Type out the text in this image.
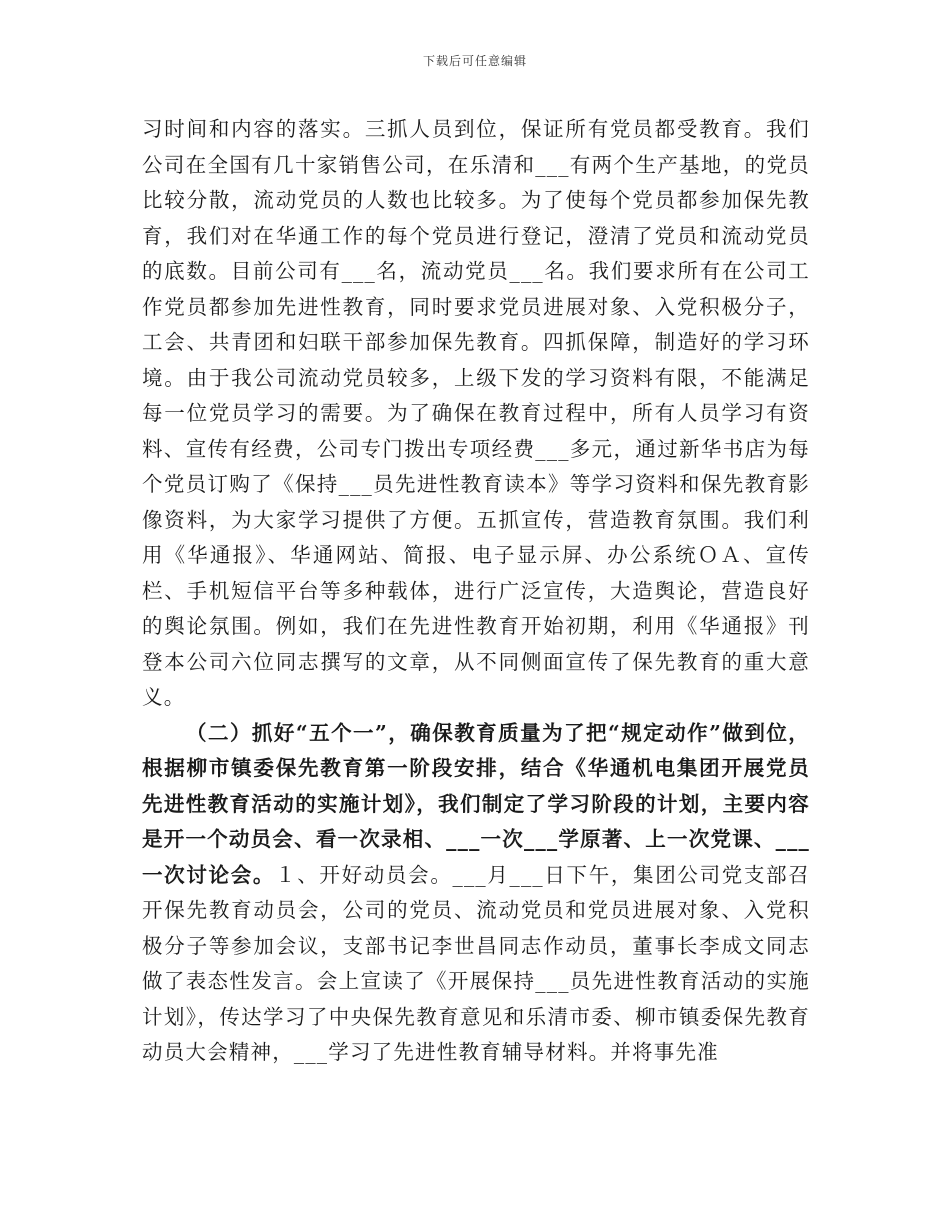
下载后可任意编辑

习时间和内容的落实。三抓人员到位，保证所有党员都受教育。我们公司在全国有几十家销售公司，在乐清和___有两个生产基地，的党员比较分散，流动党员的人数也比较多。为了使每个党员都参加保先教育，我们对在华通工作的每个党员进行登记，澄清了党员和流动党员的底数。目前公司有___名，流动党员___名。我们要求所有在公司工作党员都参加先进性教育，同时要求党员进展对象、入党积极分子，工会、共青团和妇联干部参加保先教育。四抓保障，制造好的学习环境。由于我公司流动党员较多，上级下发的学习资料有限，不能满足每一位党员学习的需要。为了确保在教育过程中，所有人员学习有资料、宣传有经费，公司专门拨出专项经费___多元，通过新华书店为每个党员订购了《保持___员先进性教育读本》等学习资料和保先教育影像资料，为大家学习提供了方便。五抓宣传，营造教育氛围。我们利用《华通报》、华通网站、简报、电子显示屏、办公系统ＯＡ、宣传栏、手机短信平台等多种载体，进行广泛宣传，大造舆论，营造良好的舆论氛围。例如，我们在先进性教育开始初期，利用《华通报》刊登本公司六位同志撰写的文章，从不同侧面宣传了保先教育的重大意义。

（二）抓好“五个一”，确保教育质量为了把“规定动作”做到位，根据柳市镇委保先教育第一阶段安排，结合《华通机电集团开展党员先进性教育活动的实施计划》，我们制定了学习阶段的计划，主要内容是开一个动员会、看一次录相、___一次___学原著、上一次党课、___一次讨论会。１、开好动员会。___月___日下午，集团公司党支部召开保先教育动员会，公司的党员、流动党员和党员进展对象、入党积极分子等参加会议，支部书记李世昌同志作动员，董事长李成文同志做了表态性发言。会上宣读了《开展保持___员先进性教育活动的实施计划》，传达学习了中央保先教育意见和乐清市委、柳市镇委保先教育动员大会精神，___学习了先进性教育辅导材料。并将事先准
